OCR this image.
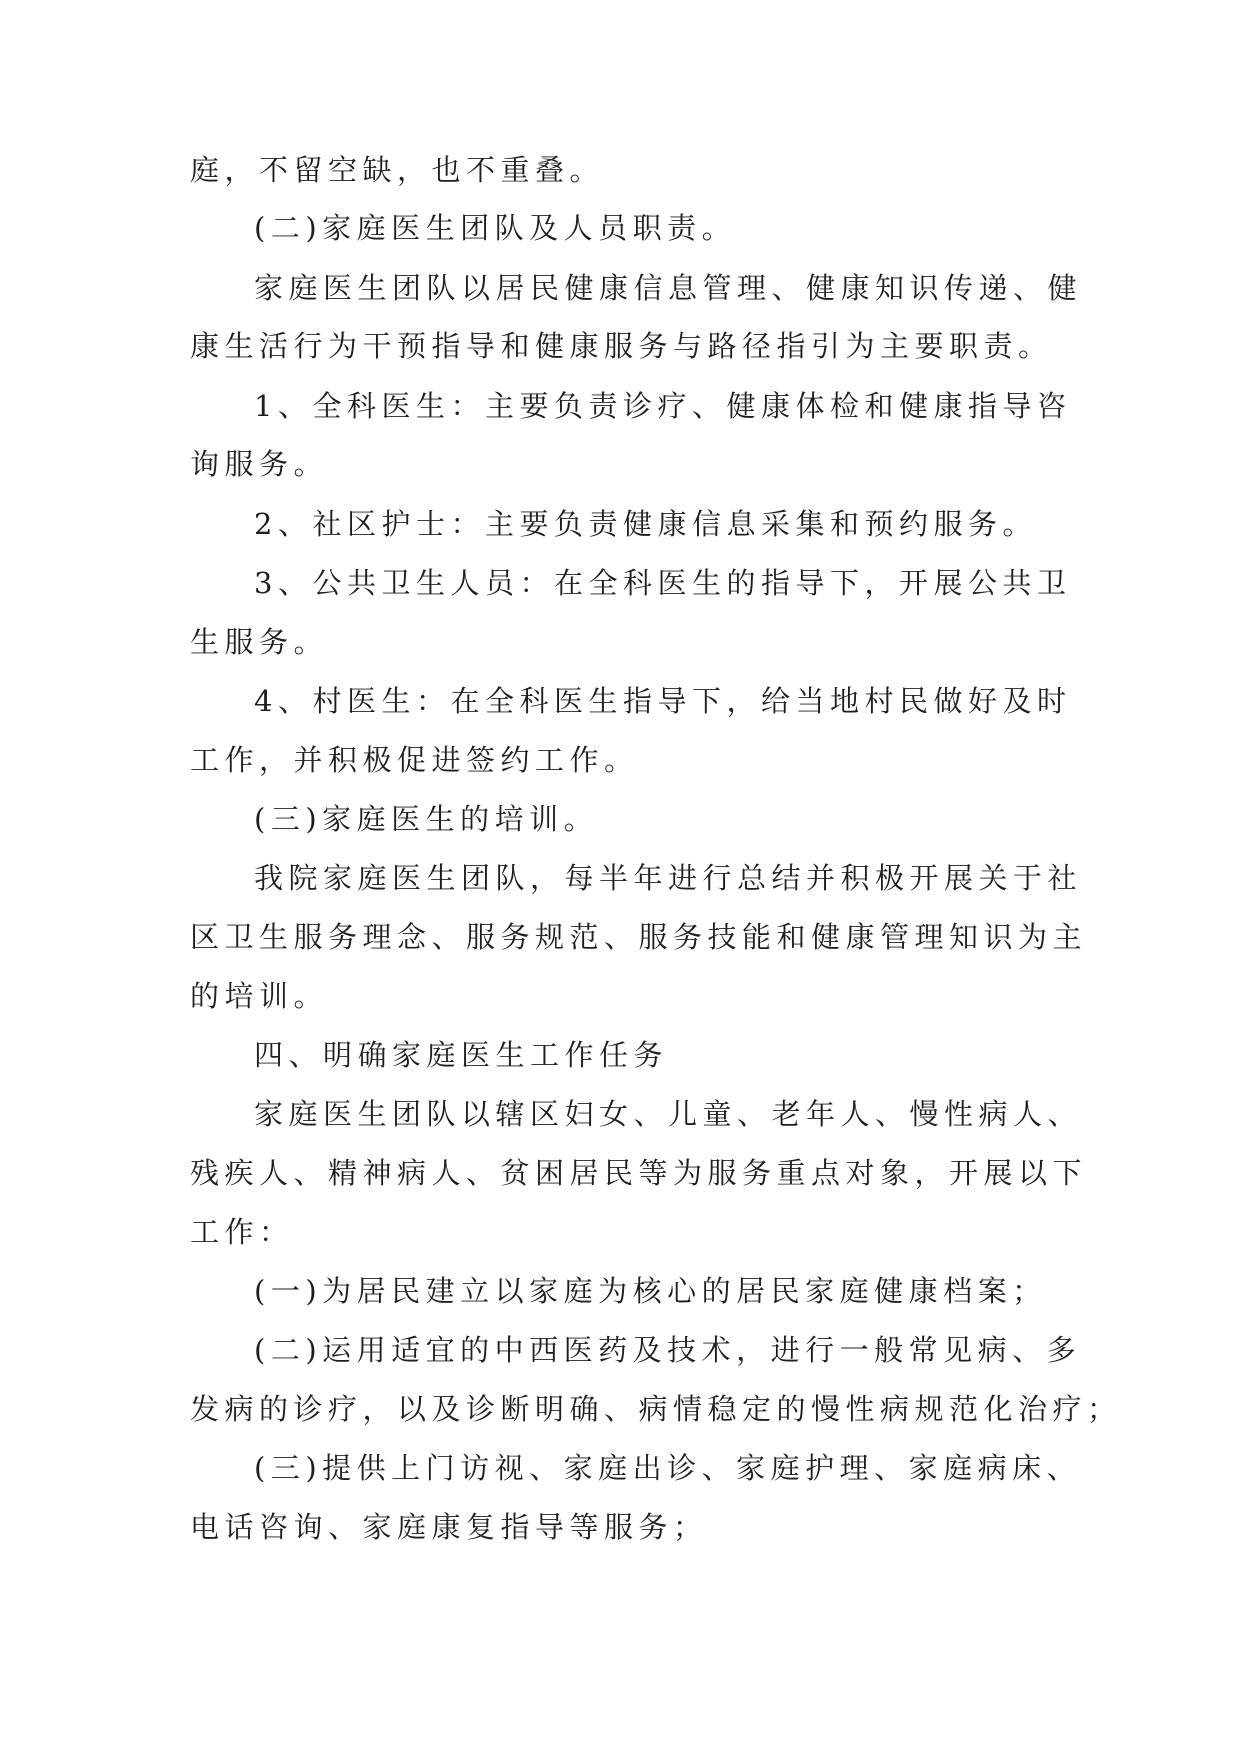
庭，不留空缺，也不重叠。
(二)家庭医生团队及人员职责。
家庭医生团队以居民健康信息管理、健康知识传递、健
康生活行为干预指导和健康服务与路径指引为主要职责。
1、全科医生：主要负责诊疗、健康体检和健康指导咨
询服务。
2、社区护士：主要负责健康信息采集和预约服务。
3、公共卫生人员：在全科医生的指导下，开展公共卫
生服务。
4、村医生：在全科医生指导下，给当地村民做好及时
工作，并积极促进签约工作。
(三)家庭医生的培训。
我院家庭医生团队，每半年进行总结并积极开展关于社
区卫生服务理念、服务规范、服务技能和健康管理知识为主
的培训。
四、明确家庭医生工作任务
家庭医生团队以辖区妇女、儿童、老年人、慢性病人、
残疾人、精神病人、贫困居民等为服务重点对象，开展以下
工作：
(一)为居民建立以家庭为核心的居民家庭健康档案；
(二)运用适宜的中西医药及技术，进行一般常见病、多
发病的诊疗，以及诊断明确、病情稳定的慢性病规范化治疗；
(三)提供上门访视、家庭出诊、家庭护理、家庭病床、
电话咨询、家庭康复指导等服务；
